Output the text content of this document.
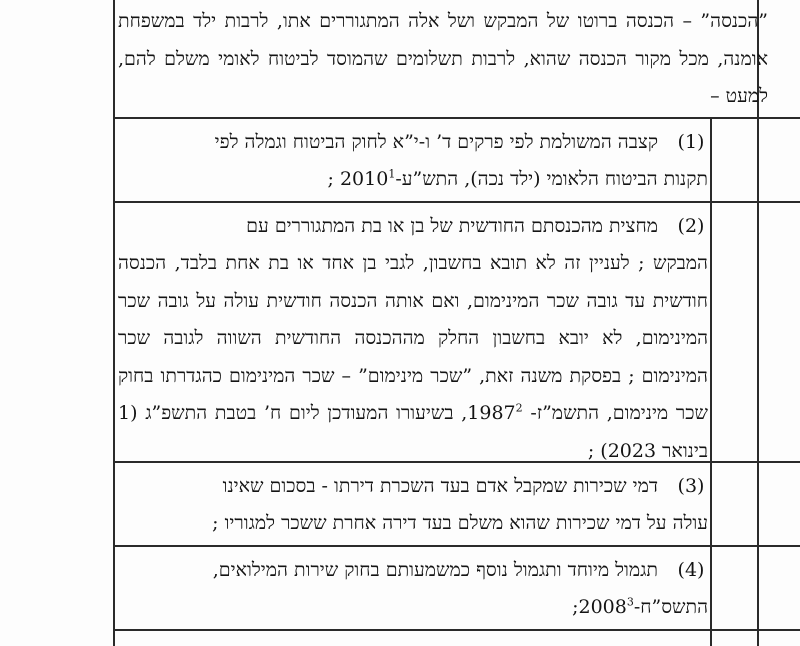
”הכנסה” – הכנסה ברוטו של המבקש ושל אלה המתגוררים אתו, לרבות ילד במשפחת אומנה, מכל מקור הכנסה שהוא, לרבות תשלומים שהמוסד לביטוח לאומי משלם להם, למעט –
(1)
קצבה המשולמת לפי פרקים ד’ ו-י”א לחוק הביטוח וגמלה לפי
תקנות הביטוח הלאומי (ילד נכה), התש”ע-2010$^1$ ;
(2)
מחצית מהכנסתם החודשית של בן או בת המתגוררים עם
המבקש ; לעניין זה לא תובא בחשבון, לגבי בן אחד או בת אחת בלבד, הכנסה חודשית עד גובה שכר המינימום, ואם אותה הכנסה חודשית עולה על גובה שכר המינימום, לא יובא בחשבון החלק מההכנסה החודשית השווה לגובה שכר המינימום ; בפסקת משנה זאת, ”שכר מינימום” – שכר המינימום כהגדרתו בחוק שכר מינימום, התשמ”ז- 1987$^2$, בשיעורו המעודכן ליום ח’ בטבת התשפ”ג (1 בינואר 2023) ;
(3)
דמי שכירות שמקבל אדם בעד השכרת דירתו - בסכום שאינו
עולה על דמי שכירות שהוא משלם בעד דירה אחרת ששכר למגוריו ;
(4)
תגמול מיוחד ותגמול נוסף כמשמעותם בחוק שירות המילואים,
התשס”ח-2008$^3$;
